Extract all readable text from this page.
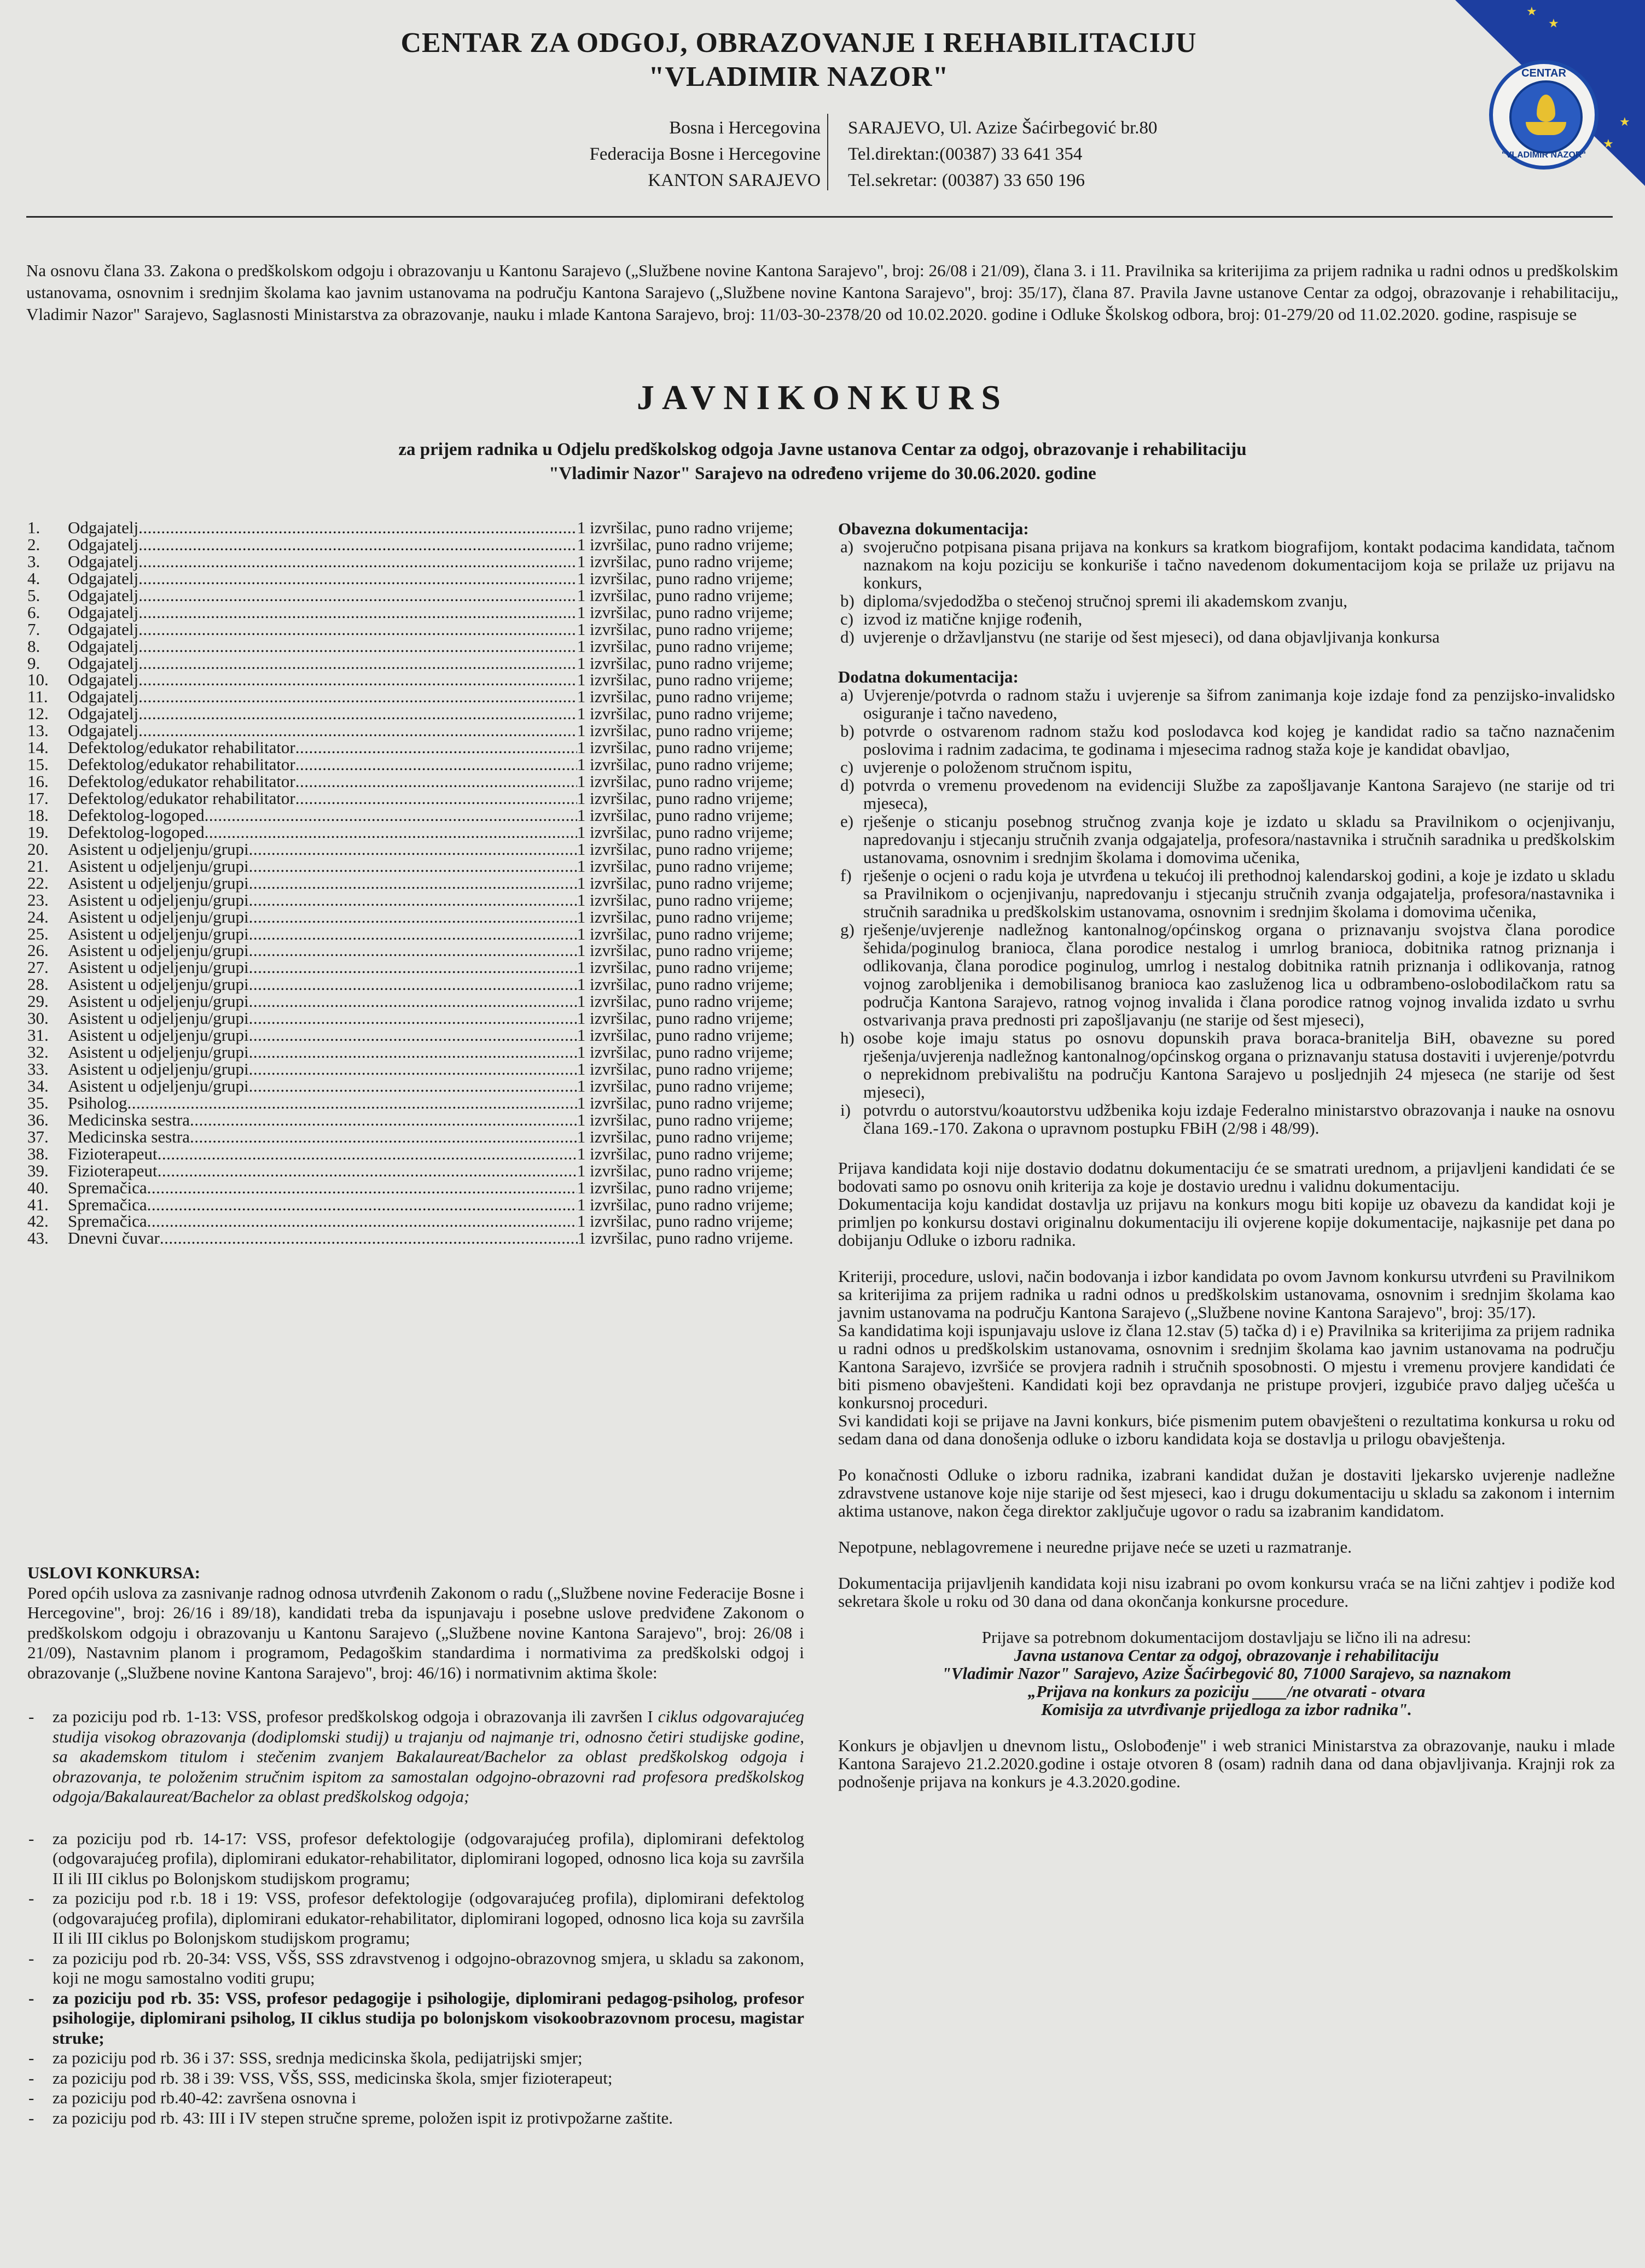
CENTAR ZA ODGOJ, OBRAZOVANJE I REHABILITACIJU
"VLADIMIR NAZOR"
Bosna i Hercegovina
Federacija Bosne i Hercegovine
KANTON SARAJEVO
SARAJEVO, Ul. Azize Šaćirbegović br.80
Tel.direktan:(00387) 33 641 354
Tel.sekretar: (00387) 33 650 196
★
★
★
★
CENTAR
"VLADIMIR NAZOR"
Na osnovu člana 33. Zakona o predškolskom odgoju i obrazovanju u Kantonu Sarajevo („Službene novine Kantona Sarajevo", broj: 26/08 i 21/09), člana 3. i 11. Pravilnika sa kriterijima za prijem radnika u radni odnos u predškolskim ustanovama, osnovnim i srednjim školama kao javnim ustanovama na području Kantona Sarajevo („Službene novine Kantona Sarajevo", broj: 35/17), člana 87. Pravila Javne ustanove Centar za odgoj, obrazovanje i rehabilitaciju„ Vladimir Nazor" Sarajevo, Saglasnosti Ministarstva za obrazovanje, nauku i mlade Kantona Sarajevo, broj: 11/03-30-2378/20 od 10.02.2020. godine i Odluke Školskog odbora, broj: 01-279/20 od 11.02.2020. godine, raspisuje se
JAVNIKONKURS
za prijem radnika u Odjelu predškolskog odgoja Javne ustanova Centar za odgoj, obrazovanje i rehabilitaciju
"Vladimir Nazor" Sarajevo na određeno vrijeme do 30.06.2020. godine
1.	Odgajatelj .....	1 izvršilac, puno radno vrijeme;
2.	Odgajatelj .....	1 izvršilac, puno radno vrijeme;
3.	Odgajatelj .....	1 izvršilac, puno radno vrijeme;
4.	Odgajatelj .....	1 izvršilac, puno radno vrijeme;
5.	Odgajatelj .....	1 izvršilac, puno radno vrijeme;
6.	Odgajatelj .....	1 izvršilac, puno radno vrijeme;
7.	Odgajatelj .....	1 izvršilac, puno radno vrijeme;
8.	Odgajatelj .....	1 izvršilac, puno radno vrijeme;
9.	Odgajatelj .....	1 izvršilac, puno radno vrijeme;
10.	Odgajatelj .....	1 izvršilac, puno radno vrijeme;
11.	Odgajatelj .....	1 izvršilac, puno radno vrijeme;
12.	Odgajatelj .....	1 izvršilac, puno radno vrijeme;
13.	Odgajatelj .....	1 izvršilac, puno radno vrijeme;
14.	Defektolog/edukator rehabilitator .....	1 izvršilac, puno radno vrijeme;
15.	Defektolog/edukator rehabilitator .....	1 izvršilac, puno radno vrijeme;
16.	Defektolog/edukator rehabilitator .....	1 izvršilac, puno radno vrijeme;
17.	Defektolog/edukator rehabilitator .....	1 izvršilac, puno radno vrijeme;
18.	Defektolog-logoped .....	1 izvršilac, puno radno vrijeme;
19.	Defektolog-logoped .....	1 izvršilac, puno radno vrijeme;
20.	Asistent u odjeljenju/grupi .....	1 izvršilac, puno radno vrijeme;
21.	Asistent u odjeljenju/grupi .....	1 izvršilac, puno radno vrijeme;
22.	Asistent u odjeljenju/grupi .....	1 izvršilac, puno radno vrijeme;
23.	Asistent u odjeljenju/grupi .....	1 izvršilac, puno radno vrijeme;
24.	Asistent u odjeljenju/grupi .....	1 izvršilac, puno radno vrijeme;
25.	Asistent u odjeljenju/grupi .....	1 izvršilac, puno radno vrijeme;
26.	Asistent u odjeljenju/grupi .....	1 izvršilac, puno radno vrijeme;
27.	Asistent u odjeljenju/grupi .....	1 izvršilac, puno radno vrijeme;
28.	Asistent u odjeljenju/grupi .....	1 izvršilac, puno radno vrijeme;
29.	Asistent u odjeljenju/grupi .....	1 izvršilac, puno radno vrijeme;
30.	Asistent u odjeljenju/grupi .....	1 izvršilac, puno radno vrijeme;
31.	Asistent u odjeljenju/grupi .....	1 izvršilac, puno radno vrijeme;
32.	Asistent u odjeljenju/grupi .....	1 izvršilac, puno radno vrijeme;
33.	Asistent u odjeljenju/grupi .....	1 izvršilac, puno radno vrijeme;
34.	Asistent u odjeljenju/grupi .....	1 izvršilac, puno radno vrijeme;
35.	Psiholog .....	1 izvršilac, puno radno vrijeme;
36.	Medicinska sestra .....	1 izvršilac, puno radno vrijeme;
37.	Medicinska sestra .....	1 izvršilac, puno radno vrijeme;
38.	Fizioterapeut .....	1 izvršilac, puno radno vrijeme;
39.	Fizioterapeut .....	1 izvršilac, puno radno vrijeme;
40.	Spremačica .....	1 izvršilac, puno radno vrijeme;
41.	Spremačica .....	1 izvršilac, puno radno vrijeme;
42.	Spremačica .....	1 izvršilac, puno radno vrijeme;
43.	Dnevni čuvar .....	1 izvršilac, puno radno vrijeme.
USLOVI KONKURSA:
Pored općih uslova za zasnivanje radnog odnosa utvrđenih Zakonom o radu („Službene novine Federacije Bosne i Hercegovine", broj: 26/16 i 89/18), kandidati treba da ispunjavaju i posebne uslove predviđene Zakonom o predškolskom odgoju i obrazovanju u Kantonu Sarajevo („Službene novine Kantona Sarajevo", broj: 26/08 i 21/09), Nastavnim planom i programom, Pedagoškim standardima i normativima za predškolski odgoj i obrazovanje („Službene novine Kantona Sarajevo", broj: 46/16) i normativnim aktima škole:
- za poziciju pod rb. 1-13: VSS, profesor predškolskog odgoja i obrazovanja ili završen I ciklus odgovarajućeg studija visokog obrazovanja (dodiplomski studij) u trajanju od najmanje tri, odnosno četiri studijske godine, sa akademskom titulom i stečenim zvanjem Bakalaureat/Bachelor za oblast predškolskog odgoja i obrazovanja, te položenim stručnim ispitom za samostalan odgojno-obrazovni rad profesora predškolskog odgoja/Bakalaureat/Bachelor za oblast predškolskog odgoja;
- za poziciju pod rb. 14-17: VSS, profesor defektologije (odgovarajućeg profila), diplomirani defektolog (odgovarajućeg profila), diplomirani edukator-rehabilitator, diplomirani logoped, odnosno lica koja su završila II ili III ciklus po Bolonjskom studijskom programu;
- za poziciju pod r.b. 18 i 19: VSS, profesor defektologije (odgovarajućeg profila), diplomirani defektolog (odgovarajućeg profila), diplomirani edukator-rehabilitator, diplomirani logoped, odnosno lica koja su završila II ili III ciklus po Bolonjskom studijskom programu;
- za poziciju pod rb. 20-34: VSS, VŠS, SSS zdravstvenog i odgojno-obrazovnog smjera, u skladu sa zakonom, koji ne mogu samostalno voditi grupu;
- za poziciju pod rb. 35: VSS, profesor pedagogije i psihologije, diplomirani pedagog-psiholog, profesor psihologije, diplomirani psiholog, II ciklus studija po bolonjskom visokoobrazovnom procesu, magistar struke;
- za poziciju pod rb. 36 i 37: SSS, srednja medicinska škola, pedijatrijski smjer;
- za poziciju pod rb. 38 i 39: VSS, VŠS, SSS, medicinska škola, smjer fizioterapeut;
- za poziciju pod rb.40-42: završena osnovna i
- za poziciju pod rb. 43: III i IV stepen stručne spreme, položen ispit iz protivpožarne zaštite.
Obavezna dokumentacija:
a) svojeručno potpisana pisana prijava na konkurs sa kratkom biografijom, kontakt podacima kandidata, tačnom naznakom na koju poziciju se konkuriše i tačno navedenom dokumentacijom koja se prilaže uz prijavu na konkurs,
b) diploma/svjedodžba o stečenoj stručnoj spremi ili akademskom zvanju,
c) izvod iz matične knjige rođenih,
d) uvjerenje o državljanstvu (ne starije od šest mjeseci), od dana objavljivanja konkursa
Dodatna dokumentacija:
a) Uvjerenje/potvrda o radnom stažu i uvjerenje sa šifrom zanimanja koje izdaje fond za penzijsko-invalidsko osiguranje i tačno navedeno,
b) potvrde o ostvarenom radnom stažu kod poslodavca kod kojeg je kandidat radio sa tačno naznačenim poslovima i radnim zadacima, te godinama i mjesecima radnog staža koje je kandidat obavljao,
c) uvjerenje o položenom stručnom ispitu,
d) potvrda o vremenu provedenom na evidenciji Službe za zapošljavanje Kantona Sarajevo (ne starije od tri mjeseca),
e) rješenje o sticanju posebnog stručnog zvanja koje je izdato u skladu sa Pravilnikom o ocjenjivanju, napredovanju i stjecanju stručnih zvanja odgajatelja, profesora/nastavnika i stručnih saradnika u predškolskim ustanovama, osnovnim i srednjim školama i domovima učenika,
f) rješenje o ocjeni o radu koja je utvrđena u tekućoj ili prethodnoj kalendarskoj godini, a koje je izdato u skladu sa Pravilnikom o ocjenjivanju, napredovanju i stjecanju stručnih zvanja odgajatelja, profesora/nastavnika i stručnih saradnika u predškolskim ustanovama, osnovnim i srednjim školama i domovima učenika,
g) rješenje/uvjerenje nadležnog kantonalnog/općinskog organa o priznavanju svojstva člana porodice šehida/poginulog branioca, člana porodice nestalog i umrlog branioca, dobitnika ratnog priznanja i odlikovanja, člana porodice poginulog, umrlog i nestalog dobitnika ratnih priznanja i odlikovanja, ratnog vojnog zarobljenika i demobilisanog branioca kao zasluženog lica u odbrambeno-oslobodilačkom ratu sa područja Kantona Sarajevo, ratnog vojnog invalida i člana porodice ratnog vojnog invalida izdato u svrhu ostvarivanja prava prednosti pri zapošljavanju (ne starije od šest mjeseci),
h) osobe koje imaju status po osnovu dopunskih prava boraca-branitelja BiH, obavezne su pored rješenja/uvjerenja nadležnog kantonalnog/općinskog organa o priznavanju statusa dostaviti i uvjerenje/potvrdu o neprekidnom prebivalištu na području Kantona Sarajevo u posljednjih 24 mjeseca (ne starije od šest mjeseci),
i) potvrdu o autorstvu/koautorstvu udžbenika koju izdaje Federalno ministarstvo obrazovanja i nauke na osnovu člana 169.-170. Zakona o upravnom postupku FBiH (2/98 i 48/99).
Prijava kandidata koji nije dostavio dodatnu dokumentaciju će se smatrati urednom, a prijavljeni kandidati će se bodovati samo po osnovu onih kriterija za koje je dostavio urednu i validnu dokumentaciju.
Dokumentacija koju kandidat dostavlja uz prijavu na konkurs mogu biti kopije uz obavezu da kandidat koji je primljen po konkursu dostavi originalnu dokumentaciju ili ovjerene kopije dokumentacije, najkasnije pet dana po dobijanju Odluke o izboru radnika.
Kriteriji, procedure, uslovi, način bodovanja i izbor kandidata po ovom Javnom konkursu utvrđeni su Pravilnikom sa kriterijima za prijem radnika u radni odnos u predškolskim ustanovama, osnovnim i srednjim školama kao javnim ustanovama na području Kantona Sarajevo („Službene novine Kantona Sarajevo", broj: 35/17).
Sa kandidatima koji ispunjavaju uslove iz člana 12.stav (5) tačka d) i e) Pravilnika sa kriterijima za prijem radnika u radni odnos u predškolskim ustanovama, osnovnim i srednjim školama kao javnim ustanovama na području Kantona Sarajevo, izvršiće se provjera radnih i stručnih sposobnosti. O mjestu i vremenu provjere kandidati će biti pismeno obavješteni. Kandidati koji bez opravdanja ne pristupe provjeri, izgubiće pravo daljeg učešća u konkursnoj proceduri.
Svi kandidati koji se prijave na Javni konkurs, biće pismenim putem obavješteni o rezultatima konkursa u roku od sedam dana od dana donošenja odluke o izboru kandidata koja se dostavlja u prilogu obavještenja.
Po konačnosti Odluke o izboru radnika, izabrani kandidat dužan je dostaviti ljekarsko uvjerenje nadležne zdravstvene ustanove koje nije starije od šest mjeseci, kao i drugu dokumentaciju u skladu sa zakonom i internim aktima ustanove, nakon čega direktor zaključuje ugovor o radu sa izabranim kandidatom.
Nepotpune, neblagovremene i neuredne prijave neće se uzeti u razmatranje.
Dokumentacija prijavljenih kandidata koji nisu izabrani po ovom konkursu vraća se na lični zahtjev i podiže kod sekretara škole u roku od 30 dana od dana okončanja konkursne procedure.
Prijave sa potrebnom dokumentacijom dostavljaju se lično ili na adresu:
Javna ustanova Centar za odgoj, obrazovanje i rehabilitaciju
"Vladimir Nazor" Sarajevo, Azize Šaćirbegović 80, 71000 Sarajevo, sa naznakom
„Prijava na konkurs za poziciju ____/ne otvarati - otvara
Komisija za utvrđivanje prijedloga za izbor radnika".
Konkurs je objavljen u dnevnom listu„ Oslobođenje" i web stranici Ministarstva za obrazovanje, nauku i mlade Kantona Sarajevo 21.2.2020.godine i ostaje otvoren 8 (osam) radnih dana od dana objavljivanja. Krajnji rok za podnošenje prijava na konkurs je 4.3.2020.godine.
